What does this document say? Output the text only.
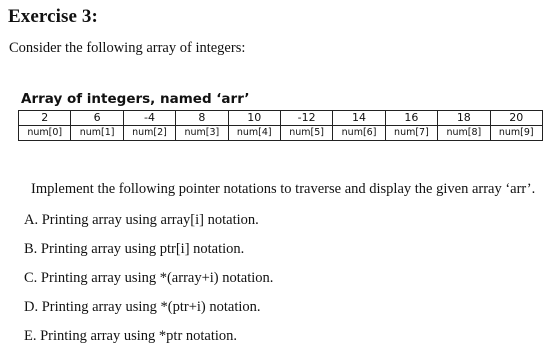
Exercise 3:
Consider the following array of integers:
Array of integers, named ‘arr’
2	6	-4	8	10	-12	14	16	18	20
num[0]	num[1]	num[2]	num[3]	num[4]	num[5]	num[6]	num[7]	num[8]	num[9]
Implement the following pointer notations to traverse and display the given array ‘arr’.
A. Printing array using array[i] notation.
B. Printing array using ptr[i] notation.
C. Printing array using *(array+i) notation.
D. Printing array using *(ptr+i) notation.
E. Printing array using *ptr notation.
